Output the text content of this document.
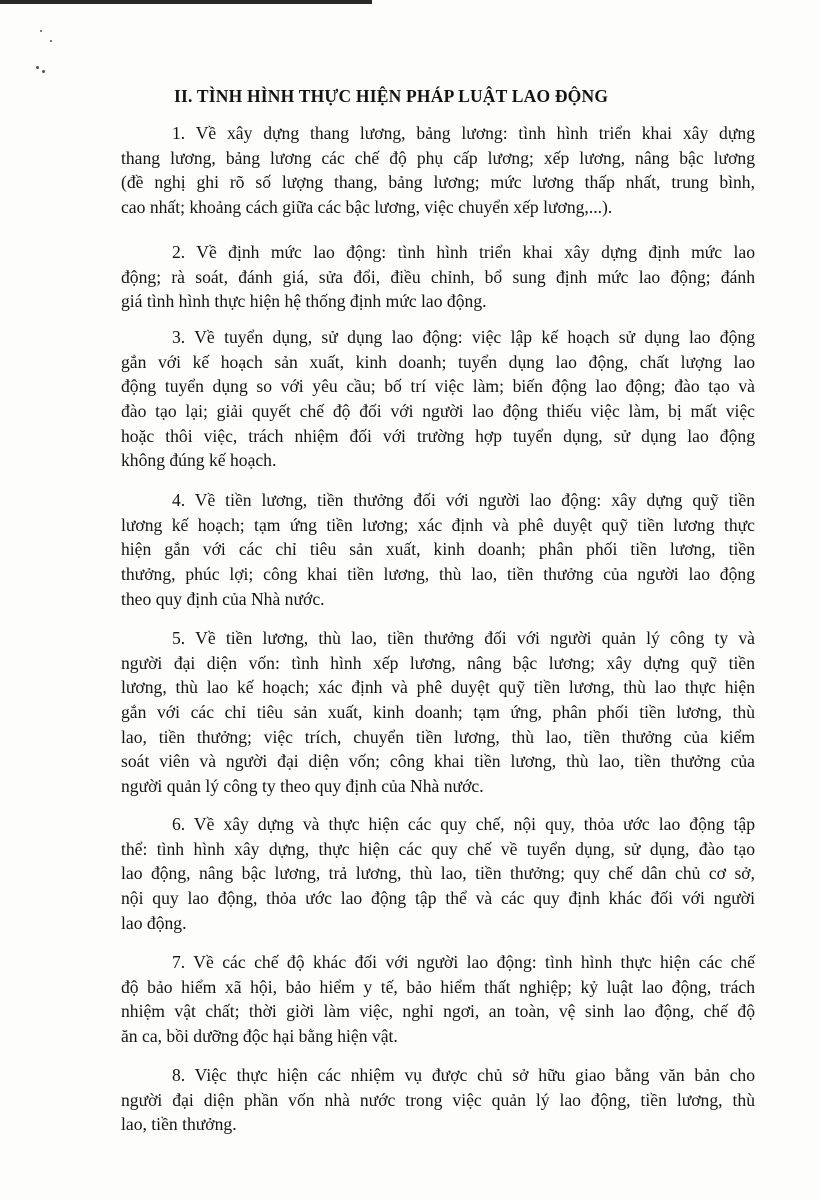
II. TÌNH HÌNH THỰC HIỆN PHÁP LUẬT LAO ĐỘNG
1. Về xây dựng thang lương, bảng lương: tình hình triển khai xây dựng
thang lương, bảng lương các chế độ phụ cấp lương; xếp lương, nâng bậc lương
(đề nghị ghi rõ số lượng thang, bảng lương; mức lương thấp nhất, trung bình,
cao nhất; khoảng cách giữa các bậc lương, việc chuyển xếp lương,...).
2. Về định mức lao động: tình hình triển khai xây dựng định mức lao
động; rà soát, đánh giá, sửa đổi, điều chỉnh, bổ sung định mức lao động; đánh
giá tình hình thực hiện hệ thống định mức lao động.
3. Về tuyển dụng, sử dụng lao động: việc lập kế hoạch sử dụng lao động
gắn với kế hoạch sản xuất, kinh doanh; tuyển dụng lao động, chất lượng lao
động tuyển dụng so với yêu cầu; bố trí việc làm; biến động lao động; đào tạo và
đào tạo lại; giải quyết chế độ đối với người lao động thiếu việc làm, bị mất việc
hoặc thôi việc, trách nhiệm đối với trường hợp tuyển dụng, sử dụng lao động
không đúng kế hoạch.
4. Về tiền lương, tiền thưởng đối với người lao động: xây dựng quỹ tiền
lương kế hoạch; tạm ứng tiền lương; xác định và phê duyệt quỹ tiền lương thực
hiện gắn với các chỉ tiêu sản xuất, kinh doanh; phân phối tiền lương, tiền
thưởng, phúc lợi; công khai tiền lương, thù lao, tiền thưởng của người lao động
theo quy định của Nhà nước.
5. Về tiền lương, thù lao, tiền thưởng đối với người quản lý công ty và
người đại diện vốn: tình hình xếp lương, nâng bậc lương; xây dựng quỹ tiền
lương, thù lao kế hoạch; xác định và phê duyệt quỹ tiền lương, thù lao thực hiện
gắn với các chỉ tiêu sản xuất, kinh doanh; tạm ứng, phân phối tiền lương, thù
lao, tiền thưởng; việc trích, chuyển tiền lương, thù lao, tiền thưởng của kiểm
soát viên và người đại diện vốn; công khai tiền lương, thù lao, tiền thưởng của
người quản lý công ty theo quy định của Nhà nước.
6. Về xây dựng và thực hiện các quy chế, nội quy, thỏa ước lao động tập
thể: tình hình xây dựng, thực hiện các quy chế về tuyển dụng, sử dụng, đào tạo
lao động, nâng bậc lương, trả lương, thù lao, tiền thưởng; quy chế dân chủ cơ sở,
nội quy lao động, thỏa ước lao động tập thể và các quy định khác đối với người
lao động.
7. Về các chế độ khác đối với người lao động: tình hình thực hiện các chế
độ bảo hiểm xã hội, bảo hiểm y tế, bảo hiểm thất nghiệp; kỷ luật lao động, trách
nhiệm vật chất; thời giời làm việc, nghỉ ngơi, an toàn, vệ sinh lao động, chế độ
ăn ca, bồi dưỡng độc hại bằng hiện vật.
8. Việc thực hiện các nhiệm vụ được chủ sở hữu giao bằng văn bản cho
người đại diện phần vốn nhà nước trong việc quản lý lao động, tiền lương, thù
lao, tiền thưởng.
